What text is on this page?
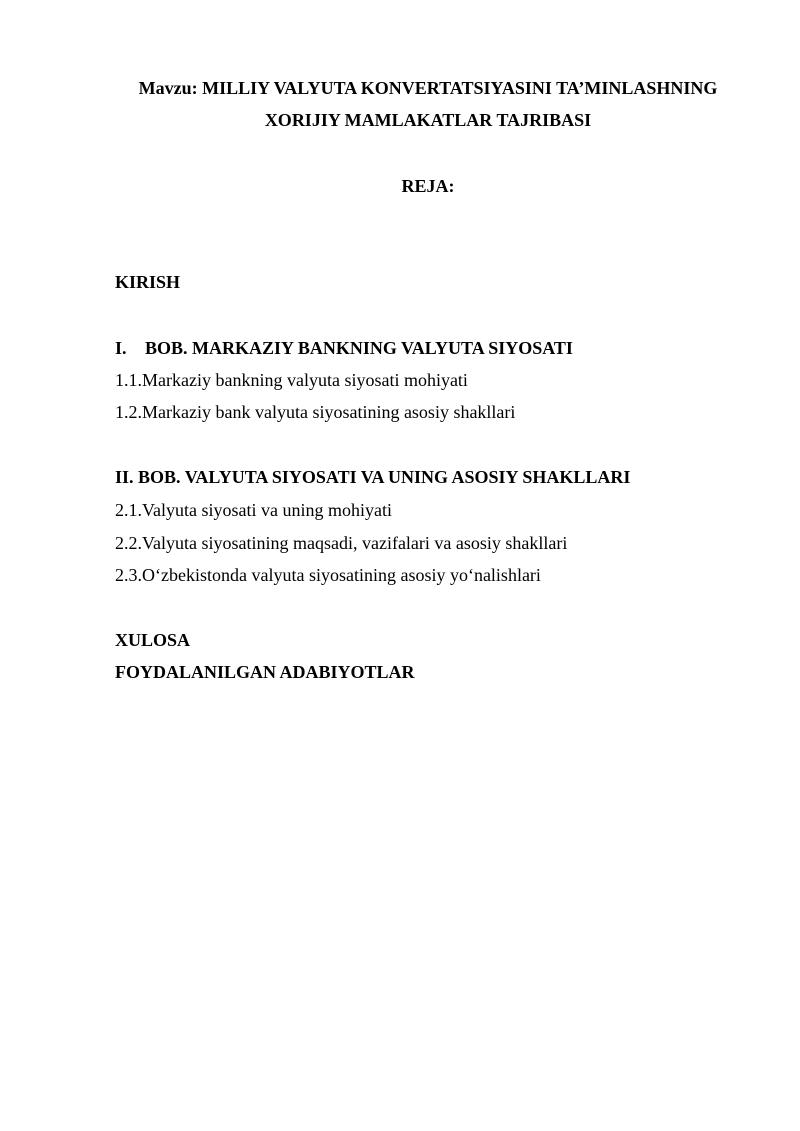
Mavzu: MILLIY VALYUTA KONVERTATSIYASINI TA’MINLASHNING
XORIJIY MAMLAKATLAR TAJRIBASI
REJA:
KIRISH
I. BOB. MARKAZIY BANKNING VALYUTA SIYOSATI
1.1.Markaziy bankning valyuta siyosati mohiyati
1.2.Markaziy bank valyuta siyosatining asosiy shakllari
II. BOB. VALYUTA SIYOSATI VA UNING ASOSIY SHAKLLARI
2.1.Valyuta siyosati va uning mohiyati
2.2.Valyuta siyosatining maqsadi, vazifalari va asosiy shakllari
2.3.O‘zbekistonda valyuta siyosatining asosiy yo‘nalishlari
XULOSA
FOYDALANILGAN ADABIYOTLAR
